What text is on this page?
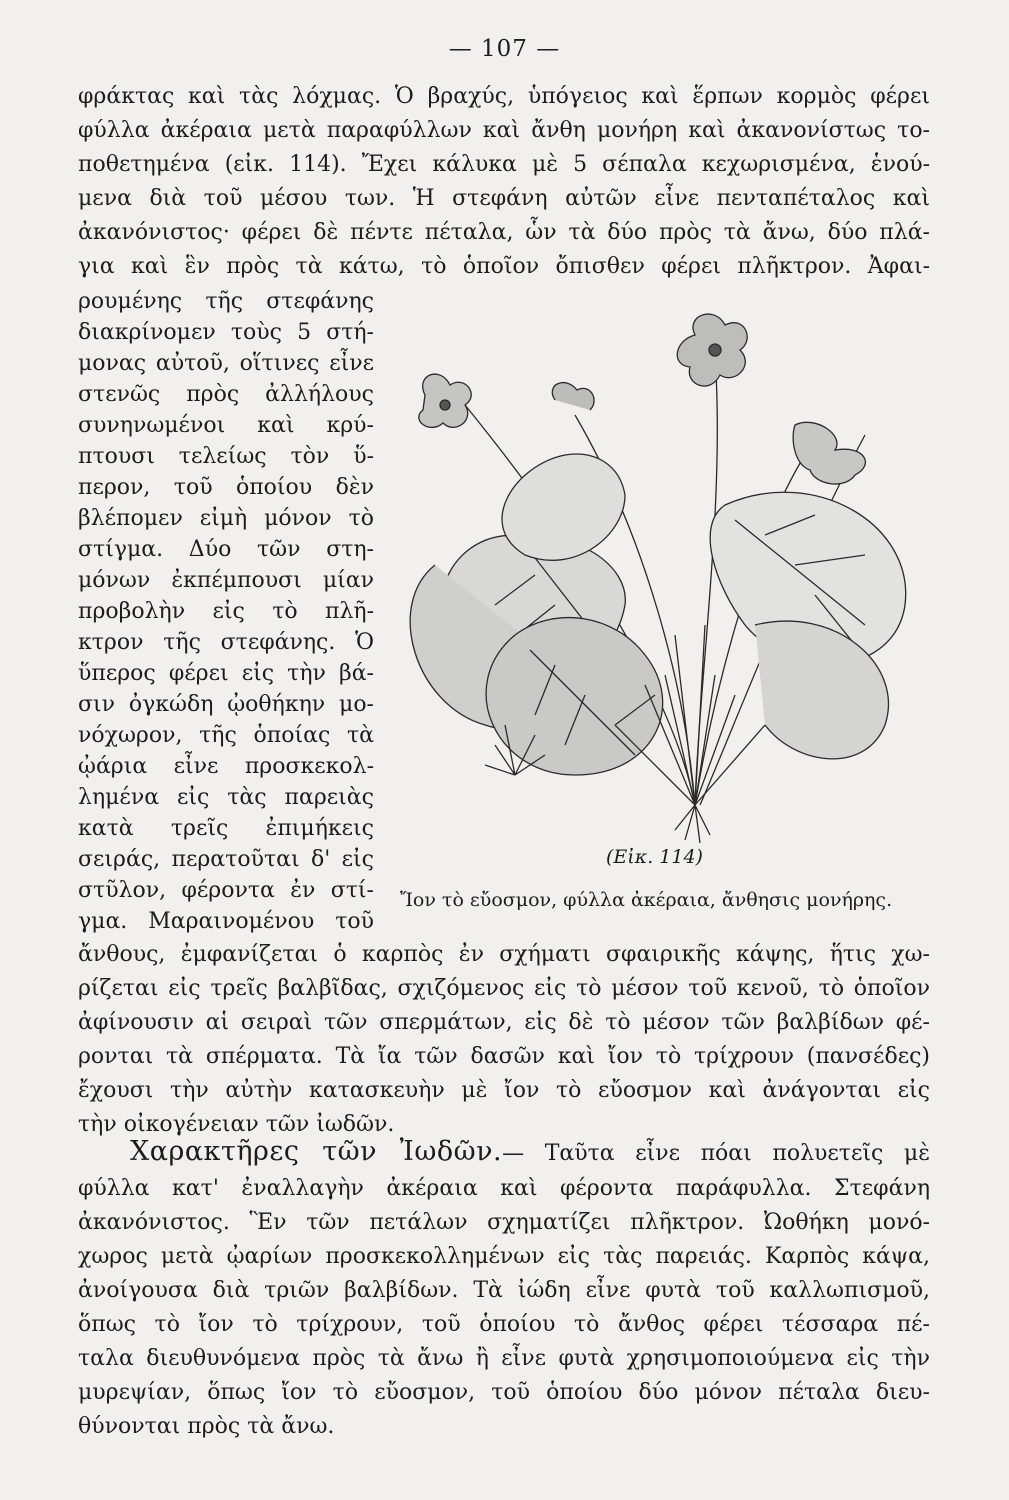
— 107 —
φράκτας καὶ τὰς λόχμας. Ὁ βραχύς, ὑπόγειος καὶ ἕρπων κορμὸς φέρει
φύλλα ἀκέραια μετὰ παραφύλλων καὶ ἄνθη μονήρη καὶ ἀκανονίστως το-
ποθετημένα (εἰκ. 114). Ἔχει κάλυκα μὲ 5 σέπαλα κεχωρισμένα, ἑνού-
μενα διὰ τοῦ μέσου των. Ἡ στεφάνη αὐτῶν εἶνε πενταπέταλος καὶ
ἀκανόνιστος· φέρει δὲ πέντε πέταλα, ὧν τὰ δύο πρὸς τὰ ἄνω, δύο πλά-
για καὶ ἓν πρὸς τὰ κάτω, τὸ ὁποῖον ὄπισθεν φέρει πλῆκτρον. Ἀφαι-
ρουμένης τῆς στεφάνης
διακρίνομεν τοὺς 5 στή-
μονας αὐτοῦ, οἵτινες εἶνε
στενῶς πρὸς ἀλλήλους
συνηνωμένοι καὶ κρύ-
πτουσι τελείως τὸν ὕ-
περον, τοῦ ὁποίου δὲν
βλέπομεν εἰμὴ μόνον τὸ
στίγμα. Δύο τῶν στη-
μόνων ἐκπέμπουσι μίαν
προβολὴν εἰς τὸ πλῆ-
κτρον τῆς στεφάνης. Ὁ
ὕπερος φέρει εἰς τὴν βά-
σιν ὀγκώδη ᾠοθήκην μο-
νόχωρον, τῆς ὁποίας τὰ
ᾠάρια εἶνε προσκεκολ-
λημένα εἰς τὰς παρειὰς
κατὰ τρεῖς ἐπιμήκεις
σειράς, περατοῦται δ' εἰς
στῦλον, φέροντα ἐν στί-
γμα. Μαραινομένου τοῦ
(Εἰκ. 114)
Ἴον τὸ εὔοσμον, φύλλα ἀκέραια, ἄνθησις μονήρης.
ἄνθους, ἐμφανίζεται ὁ καρπὸς ἐν σχήματι σφαιρικῆς κάψης, ἥτις χω-
ρίζεται εἰς τρεῖς βαλβῖδας, σχιζόμενος εἰς τὸ μέσον τοῦ κενοῦ, τὸ ὁποῖον
ἀφίνουσιν αἱ σειραὶ τῶν σπερμάτων, εἰς δὲ τὸ μέσον τῶν βαλβίδων φέ-
ρονται τὰ σπέρματα. Τὰ ἴα τῶν δασῶν καὶ ἴον τὸ τρίχρουν (πανσέδες)
ἔχουσι τὴν αὐτὴν κατασκευὴν μὲ ἴον τὸ εὔοσμον καὶ ἀνάγονται εἰς
τὴν οἰκογένειαν τῶν ἰωδῶν.
Χαρακτῆρες τῶν Ἰωδῶν.— Ταῦτα εἶνε πόαι πολυετεῖς μὲ
φύλλα κατ' ἐναλλαγὴν ἀκέραια καὶ φέροντα παράφυλλα. Στεφάνη
ἀκανόνιστος. Ἓν τῶν πετάλων σχηματίζει πλῆκτρον. Ὠοθήκη μονό-
χωρος μετὰ ᾠαρίων προσκεκολλημένων εἰς τὰς παρειάς. Καρπὸς κάψα,
ἀνοίγουσα διὰ τριῶν βαλβίδων. Τὰ ἰώδη εἶνε φυτὰ τοῦ καλλωπισμοῦ,
ὅπως τὸ ἴον τὸ τρίχρουν, τοῦ ὁποίου τὸ ἄνθος φέρει τέσσαρα πέ-
ταλα διευθυνόμενα πρὸς τὰ ἄνω ἢ εἶνε φυτὰ χρησιμοποιούμενα εἰς τὴν
μυρεψίαν, ὅπως ἴον τὸ εὔοσμον, τοῦ ὁποίου δύο μόνον πέταλα διευ-
θύνονται πρὸς τὰ ἄνω.
